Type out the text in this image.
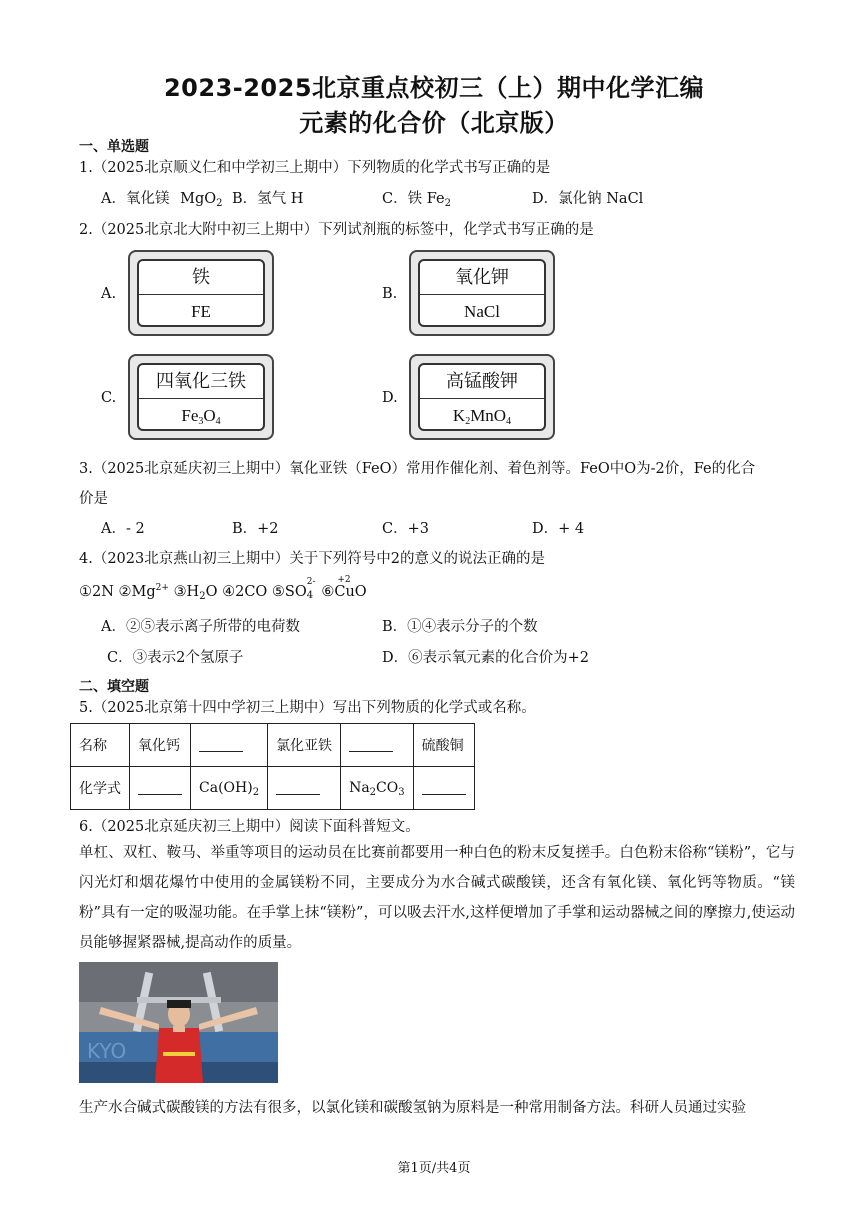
2023-2025北京重点校初三（上）期中化学汇编
元素的化合价（北京版）
一、单选题
1.（2025北京顺义仁和中学初三上期中）下列物质的化学式书写正确的是
A．氧化镁 MgO$_2$ B．氢气 H	C．铁 $Fe_2$	D．氯化钠 NaCl
2.（2025北京北大附中初三上期中）下列试剂瓶的标签中，化学式书写正确的是
A.
铁
FE
B.
氧化钾
NaCl
C.
四氧化三铁
$Fe_3O_4$
D.
高锰酸钾
$K_2MnO_4$
3.（2025北京延庆初三上期中）氧化亚铁（FeO）常用作催化剂、着色剂等。FeO中O为-2价，Fe的化合
价是
A．- 2	B．+2	C．+3	D．+ 4
4.（2023北京燕山初三上期中）关于下列符号中2的意义的说法正确的是
①2N $②Mg^{2+}$ $③H_2O$ ④2CO ⑤SO
2-
4 ⑥
+2
CuO
A．②⑤表示离子所带的电荷数	B．①④表示分子的个数
C．③表示2个氢原子	D．⑥表示氧元素的化合价为+2
二、填空题
5.（2025北京第十四中学初三上期中）写出下列物质的化学式或名称。
名称	氧化钙		氯化亚铁		硫酸铜
化学式		$Ca(OH)_2$		$Na_2CO_3$	
6.（2025北京延庆初三上期中）阅读下面科普短文。
单杠、双杠、鞍马、举重等项目的运动员在比赛前都要用一种白色的粉末反复搓手。白色粉末俗称“镁粉”，它与闪光灯和烟花爆竹中使用的金属镁粉不同，主要成分为水合碱式碳酸镁，还含有氧化镁、氧化钙等物质。“镁粉”具有一定的吸湿功能。在手掌上抹“镁粉”，可以吸去汗水,这样便增加了手掌和运动器械之间的摩擦力,使运动员能够握紧器械,提高动作的质量。
KYO
生产水合碱式碳酸镁的方法有很多，以氯化镁和碳酸氢钠为原料是一种常用制备方法。科研人员通过实验
第1页/共4页
